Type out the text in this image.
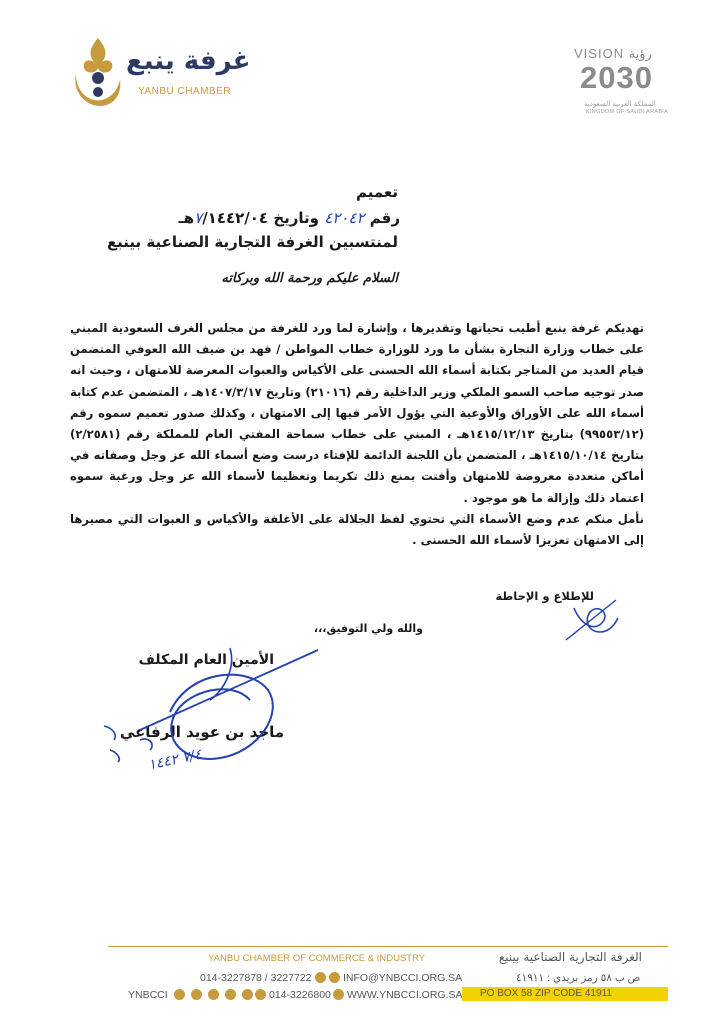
غرفة ينبع
YANBU CHAMBER
VISION رؤية
2030
المملكة العربية السعودية
KINGDOM OF SAUDI ARABIA
تعميم
رقم ٤٢٠٤٢ وتاريخ ٧/١٤٤٢/٠٤هـ
لمنتسبين الغرفة التجارية الصناعية بينبع
السلام عليكم ورحمة الله وبركاته

تهديكم غرفة ينبع أطيب تحياتها وتقديرها ، وإشارة لما ورد للغرفة من مجلس الغرف السعودية المبني على خطاب وزارة التجارة بشأن ما ورد للوزارة خطاب المواطن / فهد بن ضيف الله العوفي المتضمن قيام العديد من المتاجر بكتابة أسماء الله الحسنى على الأكياس والعبوات المعرضة للامتهان ، وحيث انه صدر توجيه صاحب السمو الملكي وزير الداخلية رقم (٢١٠١٦) وتاريخ ١٤٠٧/٣/١٧هـ ، المتضمن عدم كتابة أسماء الله على الأوراق والأوعية التي يؤول الأمر فيها إلى الامتهان ، وكذلك صدور تعميم سموه رقم (٩٩٥٥٣/١٢) بتاريخ ١٤١٥/١٢/١٣هـ ، المبني على خطاب سماحة المفتي العام للمملكة رقم (٢/٢٥٨١) بتاريخ ١٤١٥/١٠/١٤هـ ، المتضمن بأن اللجنة الدائمة للإفتاء درست وضع أسماء الله عز وجل وصفاته في أماكن متعددة معروضة للامتهان وأفتت بمنع ذلك تكريما وتعظيما لأسماء الله عز وجل ورغبة سموه اعتماد ذلك وإزالة ما هو موجود .

نأمل منكم عدم وضع الأسماء التي تحتوي لفظ الجلالة على الأغلفة والأكياس و العبوات التي مصيرها إلى الامتهان تعزيزا لأسماء الله الحسنى .

للإطلاع و الإحاطة
والله ولي التوفيق،،،
الأمين العام المكلف
ماجد بن عويد الرفاعي
٧/٤ ١٤٤٢
YANBU CHAMBER OF COMMERCE & INDUSTRY	الغرفة التجارية الصناعية بينبع
014-3227878 / 3227722	INFO@YNBCCI.ORG.SA	ص ب ٥٨ رمز بريدي : ٤١٩١١
YNBCCI	014-3226800	WWW.YNBCCI.ORG.SA PO BOX 58 ZIP CODE 41911
